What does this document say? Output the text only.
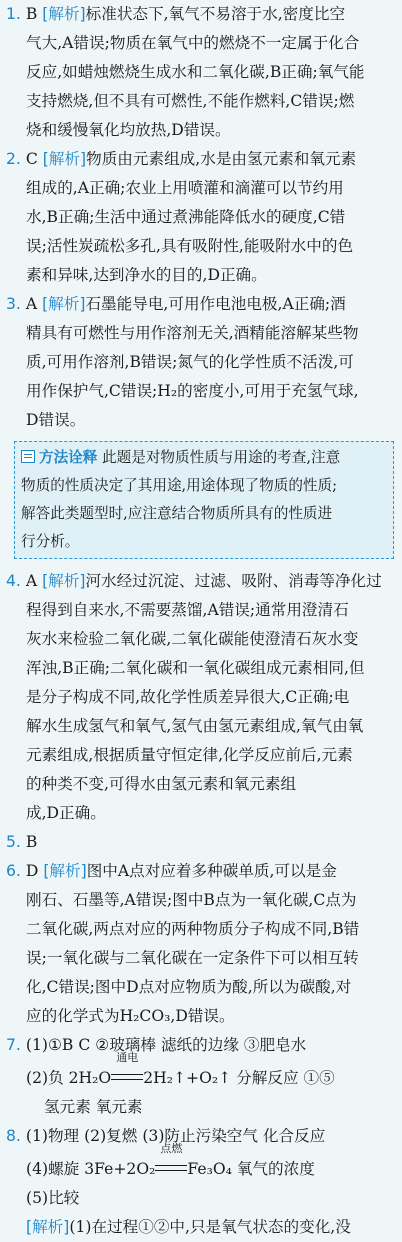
1. B [解析]标准状态下,氧气不易溶于水,密度比空
气大,A错误;物质在氧气中的燃烧不一定属于化合
反应,如蜡烛燃烧生成水和二氧化碳,B正确;氧气能
支持燃烧,但不具有可燃性,不能作燃料,C错误;燃
烧和缓慢氧化均放热,D错误。
2. C [解析]物质由元素组成,水是由氢元素和氧元素
组成的,A正确;农业上用喷灌和滴灌可以节约用
水,B正确;生活中通过煮沸能降低水的硬度,C错
误;活性炭疏松多孔,具有吸附性,能吸附水中的色
素和异味,达到净水的目的,D正确。
3. A [解析]石墨能导电,可用作电池电极,A正确;酒
精具有可燃性与用作溶剂无关,酒精能溶解某些物
质,可用作溶剂,B错误;氮气的化学性质不活泼,可
用作保护气,C错误;H₂的密度小,可用于充氢气球,
D错误。
方法诠释 此题是对物质性质与用途的考查,注意
物质的性质决定了其用途,用途体现了物质的性质;
解答此类题型时,应注意结合物质所具有的性质进
行分析。
4. A [解析]河水经过沉淀、过滤、吸附、消毒等净化过
程得到自来水,不需要蒸馏,A错误;通常用澄清石
灰水来检验二氧化碳,二氧化碳能使澄清石灰水变
浑浊,B正确;二氧化碳和一氧化碳组成元素相同,但
是分子构成不同,故化学性质差异很大,C正确;电
解水生成氢气和氧气,氢气由氢元素组成,氧气由氧
元素组成,根据质量守恒定律,化学反应前后,元素
的种类不变,可得水由氢元素和氧元素组
成,D正确。
5. B
6. D [解析]图中A点对应着多种碳单质,可以是金
刚石、石墨等,A错误;图中B点为一氧化碳,C点为
二氧化碳,两点对应的两种物质分子构成不同,B错
误;一氧化碳与二氧化碳在一定条件下可以相互转
化,C错误;图中D点对应物质为酸,所以为碳酸,对
应的化学式为H₂CO₃,D错误。
7. (1)①B C ②玻璃棒 滤纸的边缘 ③肥皂水
(2)负 2H₂O
通电
2H₂↑+O₂↑ 分解反应 ①⑤
氢元素 氧元素
8. (1)物理 (2)复燃 (3)防止污染空气 化合反应
(4)螺旋 3Fe+2O₂
点燃
Fe₃O₄ 氧气的浓度
(5)比较
[解析](1)在过程①②中,只是氧气状态的变化,没
